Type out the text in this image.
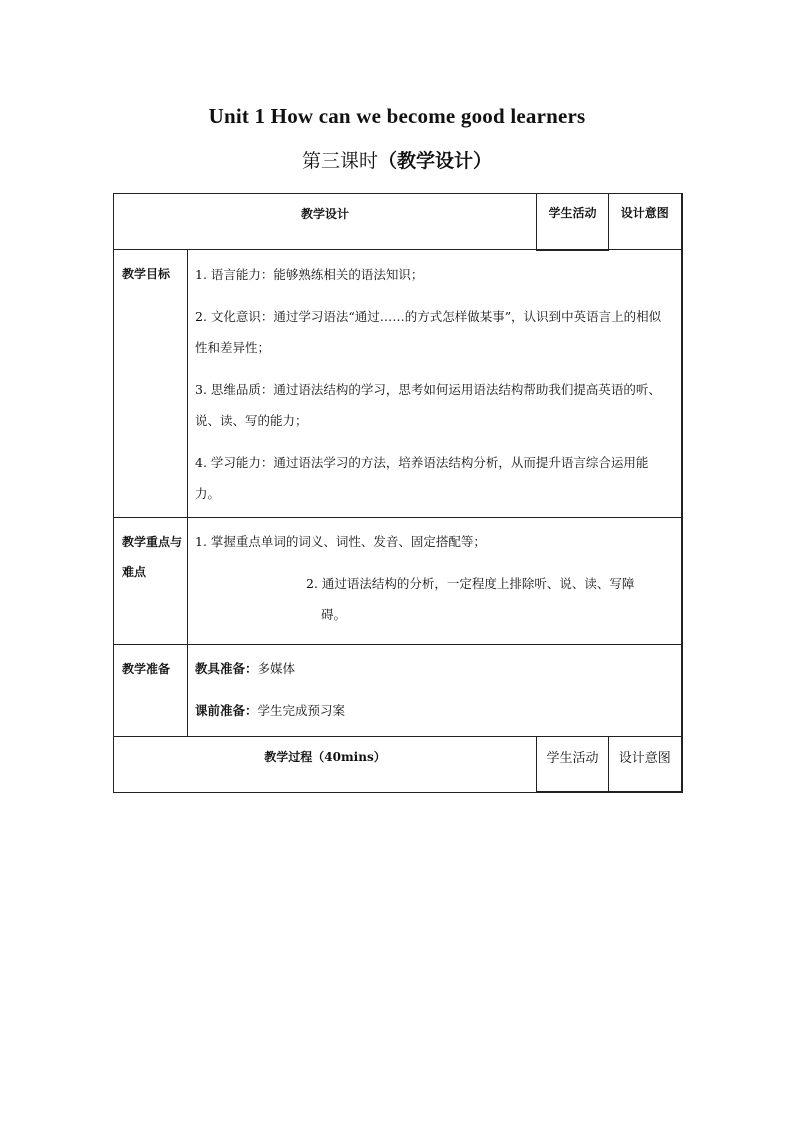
Unit 1 How can we become good learners
第三课时（教学设计）
教学设计		学生活动	设计意图
教学目标	1. 语言能力：能够熟练相关的语法知识；

2. 文化意识：通过学习语法“通过……的方式怎样做某事”，认识到中英语言上的相似性和差异性；

3. 思维品质：通过语法结构的学习，思考如何运用语法结构帮助我们提高英语的听、说、读、写的能力；

4. 学习能力：通过语法学习的方法，培养语法结构分析，从而提升语言综合运用能力。		

教学重点与难点	1. 掌握重点单词的词义、词性、发音、固定搭配等；

2. 通过语法结构的分析，一定程度上排除听、说、读、写障
碍。		

教学准备	教具准备：多媒体

课前准备：学生完成预习案		

教学过程（40mins）		学生活动	设计意图
